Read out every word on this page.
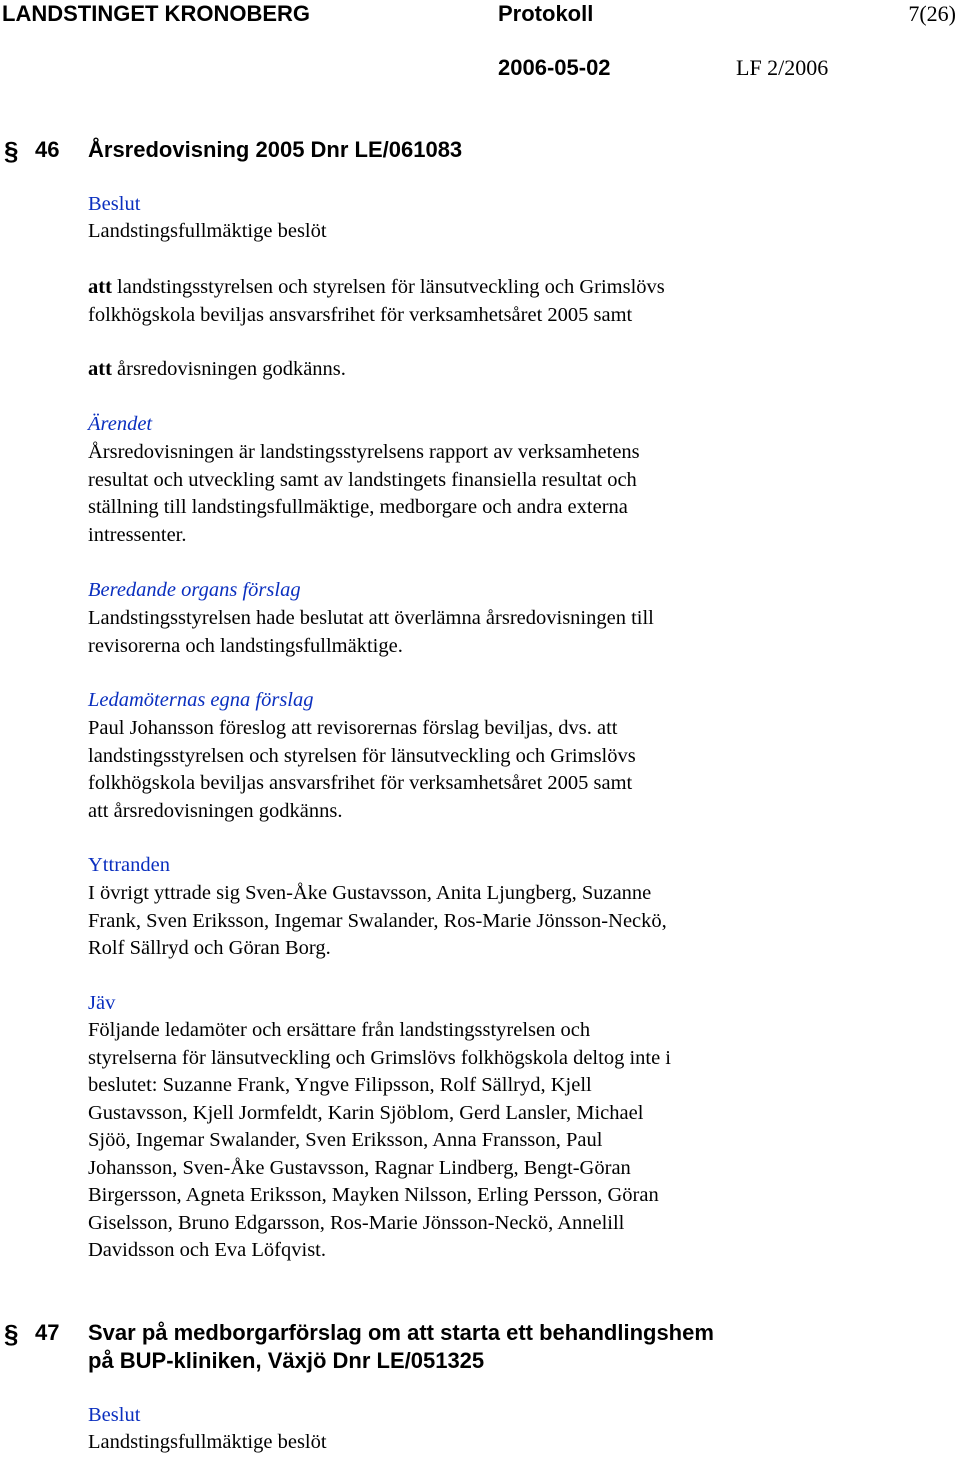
LANDSTINGET KRONOBERG	Protokoll	7(26)
2006-05-02	LF 2/2006
§ 46 Årsredovisning 2005 Dnr LE/061083
Beslut
Landstingsfullmäktige beslöt
att landstingsstyrelsen och styrelsen för länsutveckling och Grimslövs
folkhögskola beviljas ansvarsfrihet för verksamhetsåret 2005 samt
att årsredovisningen godkänns.
Ärendet
Årsredovisningen är landstingsstyrelsens rapport av verksamhetens
resultat och utveckling samt av landstingets finansiella resultat och
ställning till landstingsfullmäktige, medborgare och andra externa
intressenter.
Beredande organs förslag
Landstingsstyrelsen hade beslutat att överlämna årsredovisningen till
revisorerna och landstingsfullmäktige.
Ledamöternas egna förslag
Paul Johansson föreslog att revisorernas förslag beviljas, dvs. att
landstingsstyrelsen och styrelsen för länsutveckling och Grimslövs
folkhögskola beviljas ansvarsfrihet för verksamhetsåret 2005 samt
att årsredovisningen godkänns.
Yttranden
I övrigt yttrade sig Sven-Åke Gustavsson, Anita Ljungberg, Suzanne
Frank, Sven Eriksson, Ingemar Swalander, Ros-Marie Jönsson-Neckö,
Rolf Sällryd och Göran Borg.
Jäv
Följande ledamöter och ersättare från landstingsstyrelsen och
styrelserna för länsutveckling och Grimslövs folkhögskola deltog inte i
beslutet: Suzanne Frank, Yngve Filipsson, Rolf Sällryd, Kjell
Gustavsson, Kjell Jormfeldt, Karin Sjöblom, Gerd Lansler, Michael
Sjöö, Ingemar Swalander, Sven Eriksson, Anna Fransson, Paul
Johansson, Sven-Åke Gustavsson, Ragnar Lindberg, Bengt-Göran
Birgersson, Agneta Eriksson, Mayken Nilsson, Erling Persson, Göran
Giselsson, Bruno Edgarsson, Ros-Marie Jönsson-Neckö, Annelill
Davidsson och Eva Löfqvist.
§ 47 Svar på medborgarförslag om att starta ett behandlingshem
på BUP-kliniken, Växjö Dnr LE/051325
Beslut
Landstingsfullmäktige beslöt
